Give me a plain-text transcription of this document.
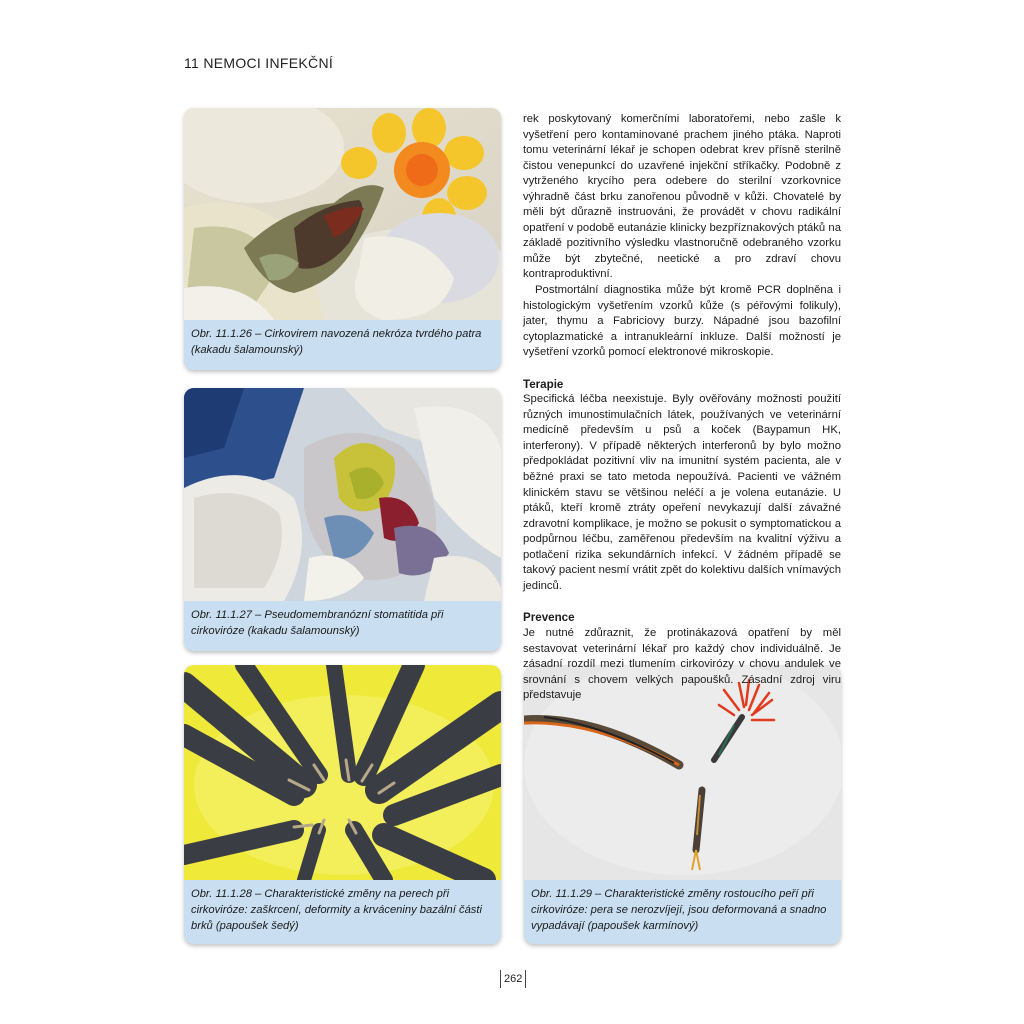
11 NEMOCI INFEKČNÍ
Obr. 11.1.26 – Cirkovirem navozená nekróza tvrdého patra (kakadu šalamounský)
Obr. 11.1.27 – Pseudomembranózní stomatitida při cirkoviróze (kakadu šalamounský)
Obr. 11.1.28 – Charakteristické změny na perech při cirkoviróze: zaškrcení, deformity a krváceniny bazální části brků (papoušek šedý)
Obr. 11.1.29 – Charakteristické změny rostoucího peří při cirkoviróze: pera se nerozvíjejí, jsou deformovaná a snadno vypadávají (papoušek karmínový)

rek poskytovaný komerčními laboratořemi, nebo zašle k vyšetření pero kontaminované prachem jiného ptáka. Naproti tomu veterinární lékař je schopen odebrat krev přísně sterilně čistou venepunkcí do uzavřené injekční stříkačky. Podobně z vytrženého krycího pera odebere do sterilní vzorkovnice výhradně část brku zanořenou původně v kůži. Chovatelé by měli být důrazně instruováni, že provádět v chovu radikální opatření v podobě eutanázie klinicky bezpříznakových ptáků na základě pozitivního výsledku vlastnoručně odebraného vzorku může být zbytečné, neetické a pro zdraví chovu kontraproduktivní.

Postmortální diagnostika může být kromě PCR doplněna i histologickým vyšetřením vzorků kůže (s péřovými folikuly), jater, thymu a Fabriciovy burzy. Nápadné jsou bazofilní cytoplazmatické a intranukleární inkluze. Další možností je vyšetření vzorků pomocí elektronové mikroskopie.

Terapie

Specifická léčba neexistuje. Byly ověřovány možnosti použití různých imunostimulačních látek, používaných ve veterinární medicíně především u psů a koček (Baypamun HK, interferony). V případě některých interferonů by bylo možno předpokládat pozitivní vliv na imunitní systém pacienta, ale v běžné praxi se tato metoda nepoužívá. Pacienti ve vážném klinickém stavu se většinou neléčí a je volena eutanázie. U ptáků, kteří kromě ztráty opeření nevykazují další závažné zdravotní komplikace, je možno se pokusit o symptomatickou a podpůrnou léčbu, zaměřenou především na kvalitní výživu a potlačení rizika sekundárních infekcí. V žádném případě se takový pacient nesmí vrátit zpět do kolektivu dalších vnímavých jedinců.

Prevence

Je nutné zdůraznit, že protinákazová opatření by měl sestavovat veterinární lékař pro každý chov individuálně. Je zásadní rozdíl mezi tlumením cirkovirózy v chovu andulek ve srovnání s chovem velkých papoušků. Zásadní zdroj viru představuje

262
